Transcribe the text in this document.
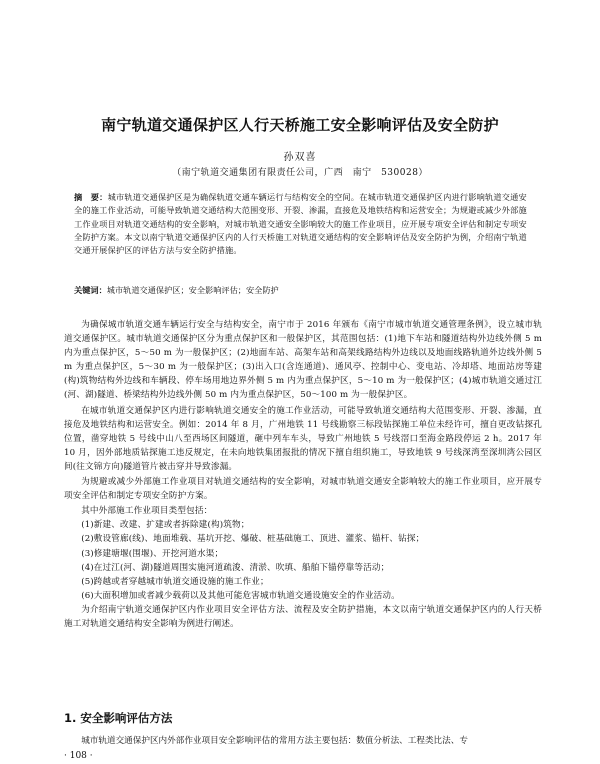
南宁轨道交通保护区人行天桥施工安全影响评估及安全防护
孙双喜
（南宁轨道交通集团有限责任公司，广西　南宁　530028）

摘　要：城市轨道交通保护区是为确保轨道交通车辆运行与结构安全的空间。在城市轨道交通保护区内进行影响轨道交通安全的施工作业活动，可能导致轨道交通结构大范围变形、开裂、渗漏，直接危及地铁结构和运营安全；为规避或减少外部施工作业项目对轨道交通结构的安全影响，对城市轨道交通安全影响较大的施工作业项目，应开展专项安全评估和制定专项安全防护方案。本文以南宁轨道交通保护区内的人行天桥施工对轨道交通结构的安全影响评估及安全防护为例，介绍南宁轨道交通开展保护区的评估方法与安全防护措施。

关键词：城市轨道交通保护区；安全影响评估；安全防护

为确保城市轨道交通车辆运行安全与结构安全，南宁市于 2016 年颁布《南宁市城市轨道交通管理条例》，设立城市轨道交通保护区。城市轨道交通保护区分为重点保护区和一般保护区，其范围包括：(1)地下车站和隧道结构外边线外侧 5 m 内为重点保护区，5～50 m 为一般保护区；(2)地面车站、高架车站和高架线路结构外边线以及地面线路轨道外边线外侧 5 m 为重点保护区，5～30 m 为一般保护区；(3)出入口(含连通道)、通风亭、控制中心、变电站、冷却塔、地面站房等建(构)筑物结构外边线和车辆段、停车场用地边界外侧 5 m 内为重点保护区，5～10 m 为一般保护区；(4)城市轨道交通过江(河、湖)隧道、桥梁结构外边线外侧 50 m 内为重点保护区，50～100 m 为一般保护区。

在城市轨道交通保护区内进行影响轨道交通安全的施工作业活动，可能导致轨道交通结构大范围变形、开裂、渗漏，直接危及地铁结构和运营安全。例如：2014 年 8 月，广州地铁 11 号线勘察三标段钻探施工单位未经许可，擅自更改钻探孔位置，凿穿地铁 5 号线中山八至西场区间隧道，砸中列车车头，导致广州地铁 5 号线滘口至海金路段停运 2 h。2017 年 10 月，因外部地质钻探施工违反规定，在未向地铁集团报批的情况下擅自组织施工，导致地铁 9 号线深湾至深圳湾公园区间(往文锦方向)隧道管片被击穿并导致渗漏。

为规避或减少外部施工作业项目对轨道交通结构的安全影响，对城市轨道交通安全影响较大的施工作业项目，应开展专项安全评估和制定专项安全防护方案。

其中外部施工作业项目类型包括：
(1)新建、改建、扩建或者拆除建(构)筑物；
(2)敷设管廊(线)、地面堆载、基坑开挖、爆破、桩基础施工、顶进、灌浆、锚杆、钻探；
(3)修建塘堰(围堰)、开挖河道水渠；
(4)在过江(河、湖)隧道周围实施河道疏浚、清淤、吹填、船舶下锚停靠等活动；
(5)跨越或者穿越城市轨道交通设施的施工作业；
(6)大面积增加或者减少载荷以及其他可能危害城市轨道交通设施安全的作业活动。

为介绍南宁轨道交通保护区内作业项目安全评估方法、流程及安全防护措施，本文以南宁轨道交通保护区内的人行天桥施工对轨道交通结构安全影响为例进行阐述。

1. 安全影响评估方法

城市轨道交通保护区内外部作业项目安全影响评估的常用方法主要包括：数值分析法、工程类比法、专

· 108 ·
